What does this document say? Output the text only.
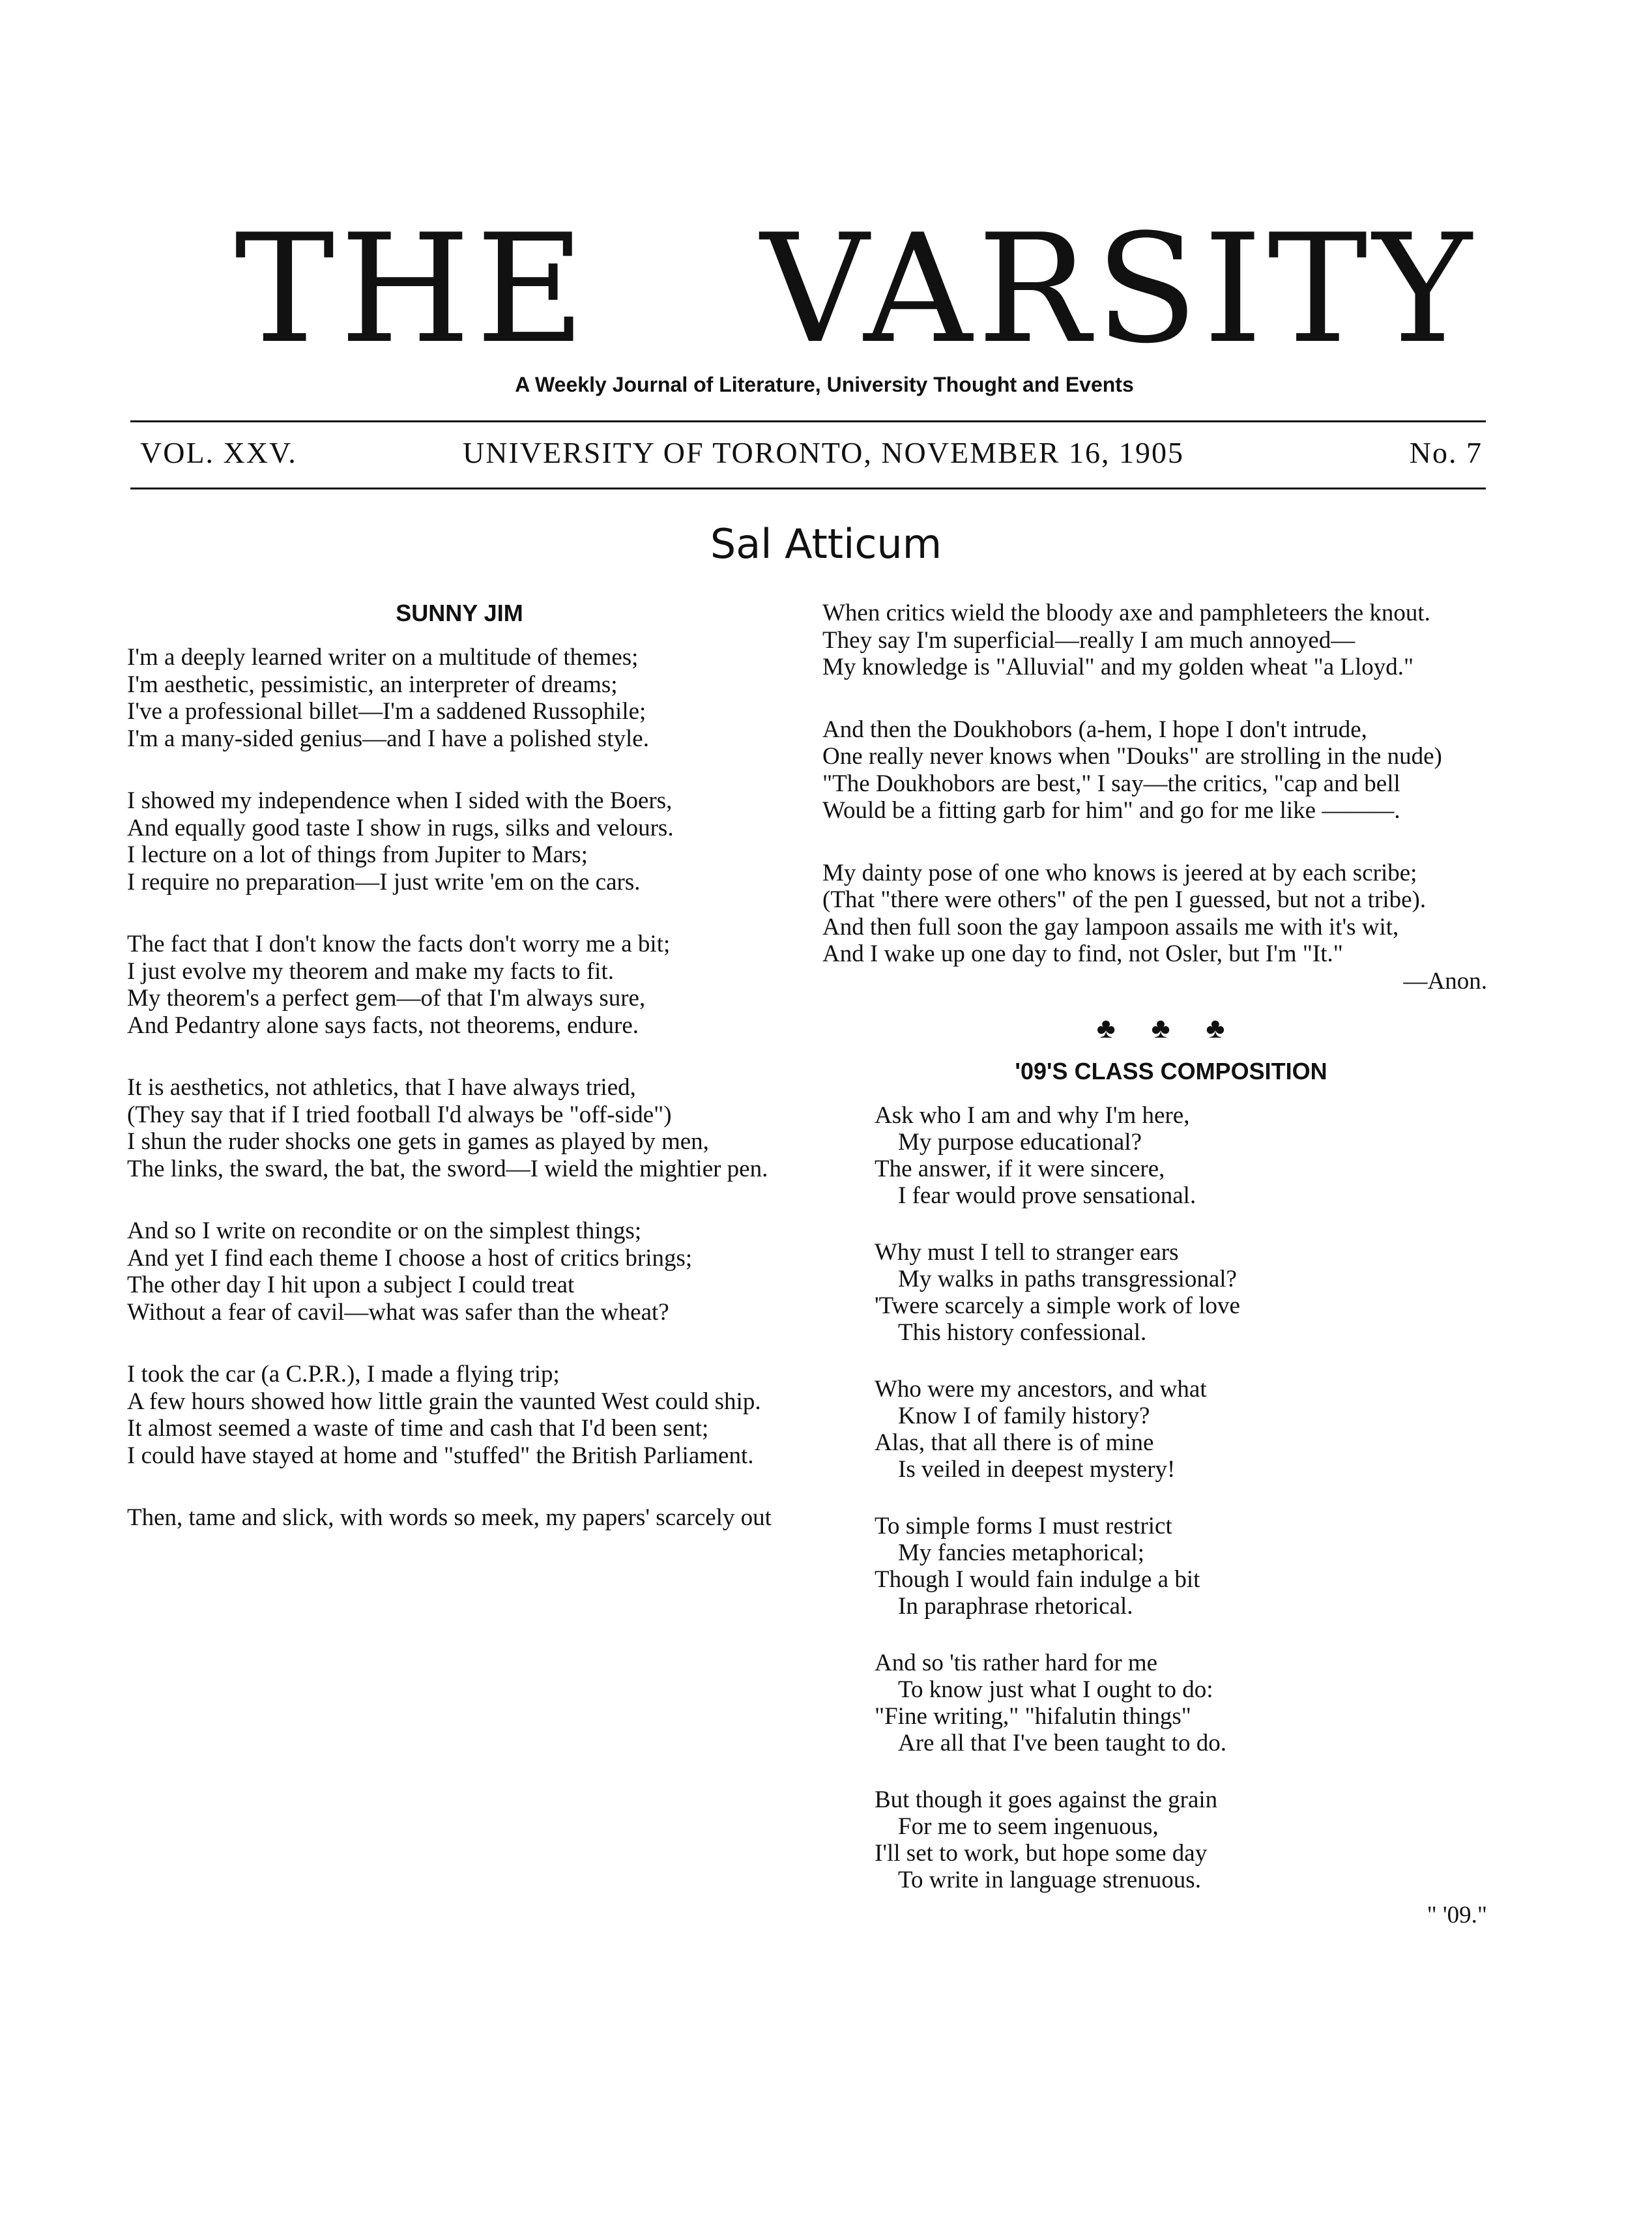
THE VARSITY
A Weekly Journal of Literature, University Thought and Events
VOL. XXV.	UNIVERSITY OF TORONTO, NOVEMBER 16, 1905	No. 7
Sal Atticum
SUNNY JIM
I'm a deeply learned writer on a multitude of themes;
I'm aesthetic, pessimistic, an interpreter of dreams;
I've a professional billet—I'm a saddened Russophile;
I'm a many-sided genius—and I have a polished style.
I showed my independence when I sided with the Boers,
And equally good taste I show in rugs, silks and velours.
I lecture on a lot of things from Jupiter to Mars;
I require no preparation—I just write 'em on the cars.
The fact that I don't know the facts don't worry me a bit;
I just evolve my theorem and make my facts to fit.
My theorem's a perfect gem—of that I'm always sure,
And Pedantry alone says facts, not theorems, endure.
It is aesthetics, not athletics, that I have always tried,
(They say that if I tried football I'd always be "off-side")
I shun the ruder shocks one gets in games as played by men,
The links, the sward, the bat, the sword—I wield the mightier pen.
And so I write on recondite or on the simplest things;
And yet I find each theme I choose a host of critics brings;
The other day I hit upon a subject I could treat
Without a fear of cavil—what was safer than the wheat?
I took the car (a C.P.R.), I made a flying trip;
A few hours showed how little grain the vaunted West could ship.
It almost seemed a waste of time and cash that I'd been sent;
I could have stayed at home and "stuffed" the British Parliament.
Then, tame and slick, with words so meek, my papers' scarcely out
When critics wield the bloody axe and pamphleteers the knout.
They say I'm superficial—really I am much annoyed—
My knowledge is "Alluvial" and my golden wheat "a Lloyd."
And then the Doukhobors (a-hem, I hope I don't intrude,
One really never knows when "Douks" are strolling in the nude)
"The Doukhobors are best," I say—the critics, "cap and bell
Would be a fitting garb for him" and go for me like ———.
My dainty pose of one who knows is jeered at by each scribe;
(That "there were others" of the pen I guessed, but not a tribe).
And then full soon the gay lampoon assails me with it's wit,
And I wake up one day to find, not Osler, but I'm "It."
—Anon.
♣ ♣ ♣
'09'S CLASS COMPOSITION
Ask who I am and why I'm here,
My purpose educational?
The answer, if it were sincere,
I fear would prove sensational.
Why must I tell to stranger ears
My walks in paths transgressional?
'Twere scarcely a simple work of love
This history confessional.
Who were my ancestors, and what
Know I of family history?
Alas, that all there is of mine
Is veiled in deepest mystery!
To simple forms I must restrict
My fancies metaphorical;
Though I would fain indulge a bit
In paraphrase rhetorical.
And so 'tis rather hard for me
To know just what I ought to do:
"Fine writing," "hifalutin things"
Are all that I've been taught to do.
But though it goes against the grain
For me to seem ingenuous,
I'll set to work, but hope some day
To write in language strenuous.
" '09."
